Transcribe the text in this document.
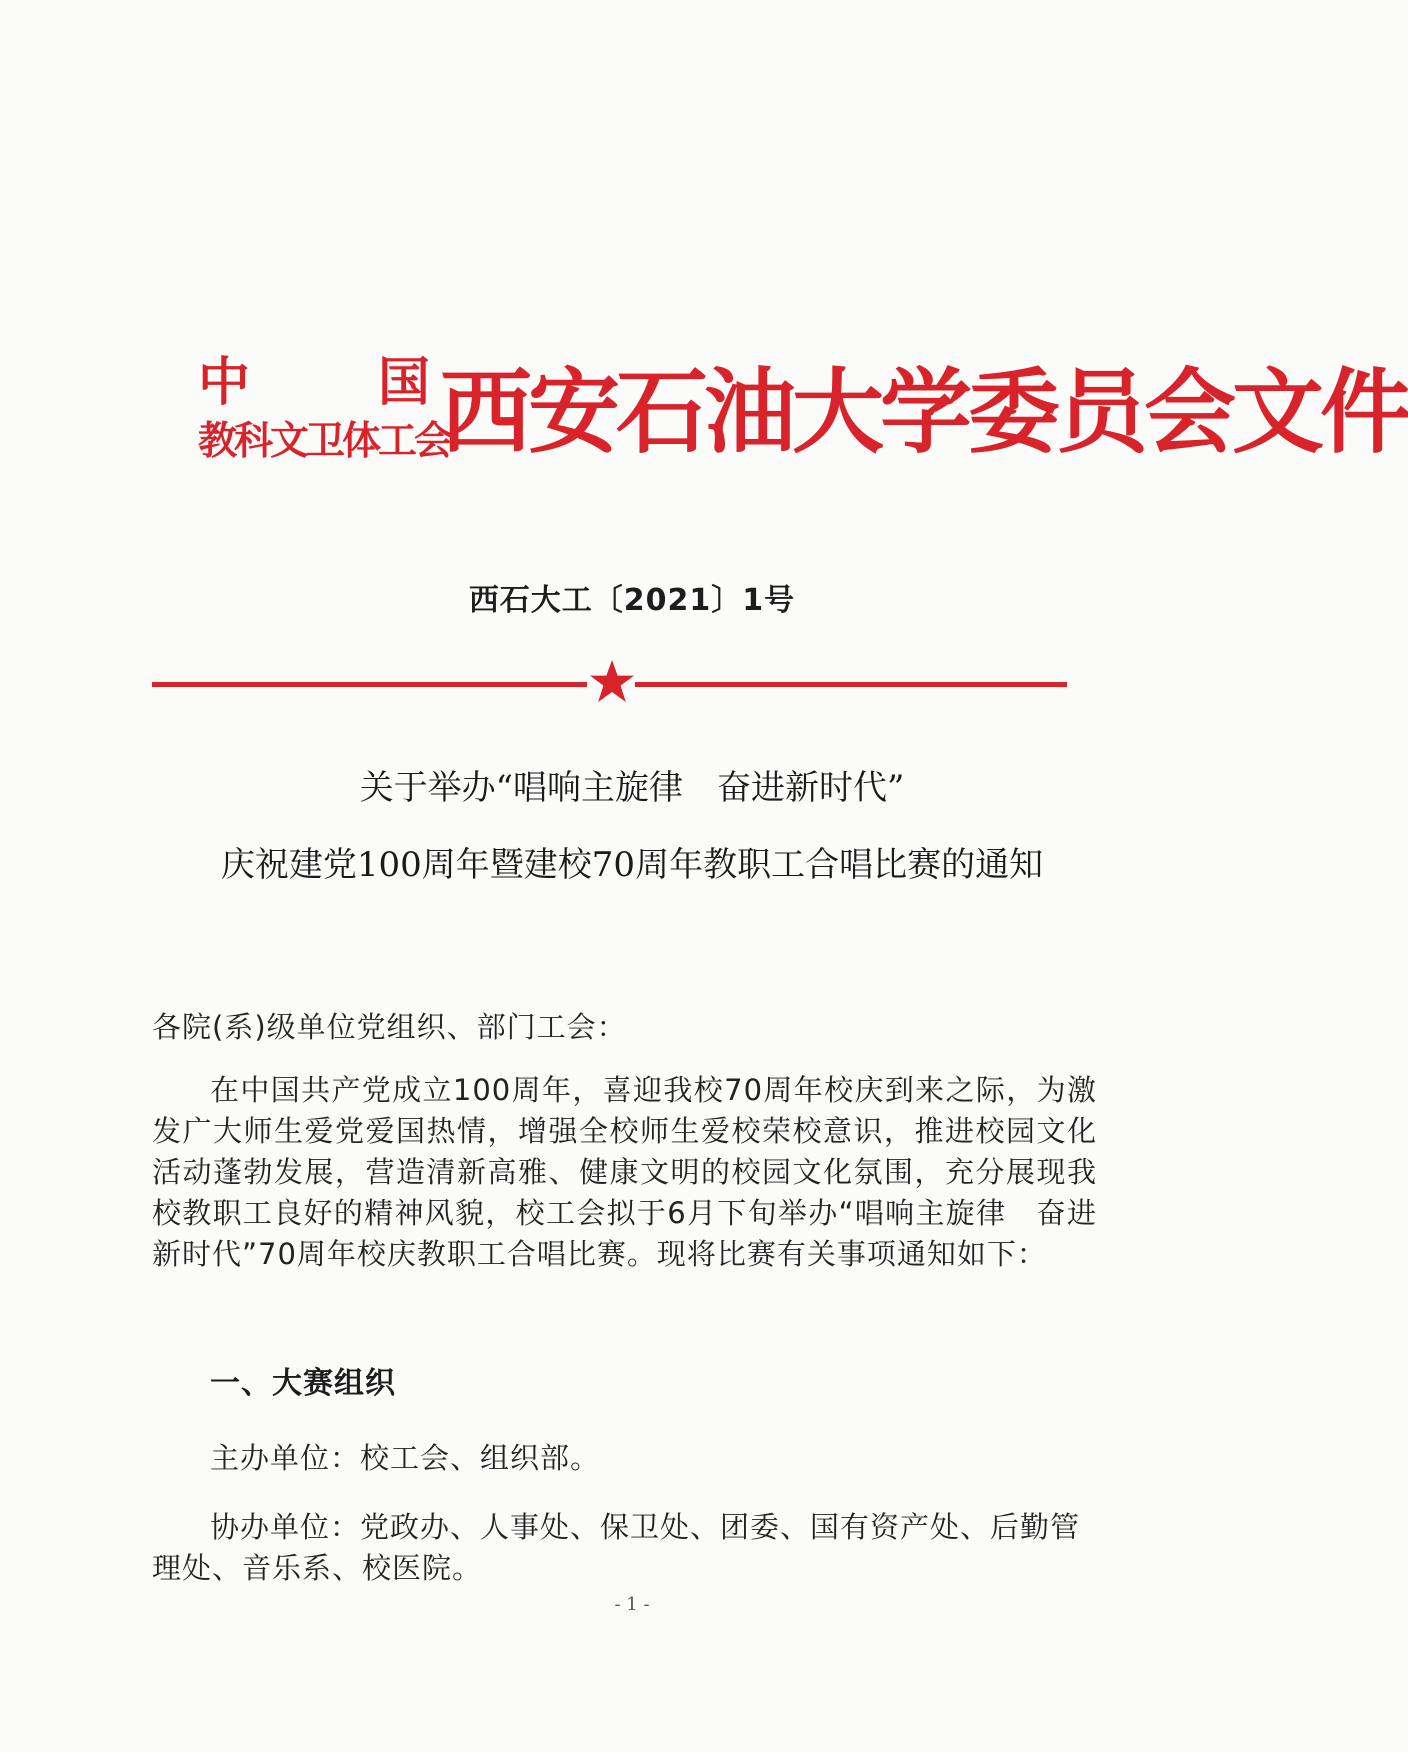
中 国
教科文卫体工会
西安石油大学委员会文件
西石大工〔2021〕1号
关于举办“唱响主旋律　奋进新时代”
庆祝建党100周年暨建校70周年教职工合唱比赛的通知
各院(系)级单位党组织、部门工会：
在中国共产党成立100周年，喜迎我校70周年校庆到来之际，为激发广大师生爱党爱国热情，增强全校师生爱校荣校意识，推进校园文化活动蓬勃发展，营造清新高雅、健康文明的校园文化氛围，充分展现我校教职工良好的精神风貌，校工会拟于6月下旬举办“唱响主旋律　奋进新时代”70周年校庆教职工合唱比赛。现将比赛有关事项通知如下：
一、大赛组织
主办单位：校工会、组织部。
协办单位：党政办、人事处、保卫处、团委、国有资产处、后勤管理处、音乐系、校医院。
- 1 -
